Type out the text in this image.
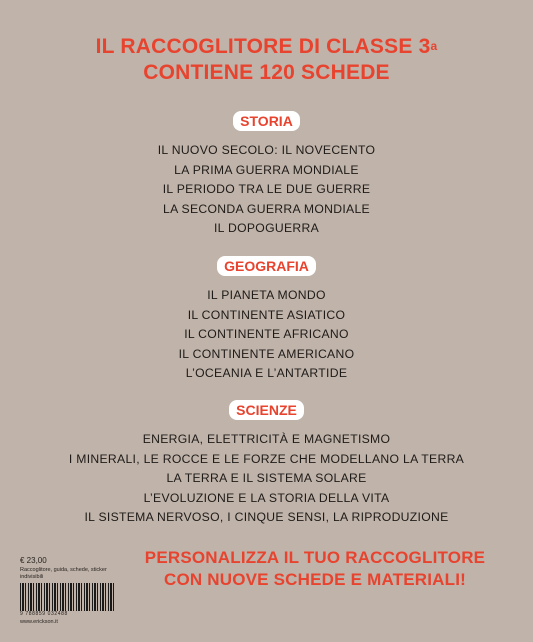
IL RACCOGLITORE DI CLASSE 3$^a$
CONTIENE 120 SCHEDE
STORIA
IL NUOVO SECOLO: IL NOVECENTO
LA PRIMA GUERRA MONDIALE
IL PERIODO TRA LE DUE GUERRE
LA SECONDA GUERRA MONDIALE
IL DOPOGUERRA
GEOGRAFIA
IL PIANETA MONDO
IL CONTINENTE ASIATICO
IL CONTINENTE AFRICANO
IL CONTINENTE AMERICANO
L’OCEANIA E L’ANTARTIDE
SCIENZE
ENERGIA, ELETTRICITÀ E MAGNETISMO
I MINERALI, LE ROCCE E LE FORZE CHE MODELLANO LA TERRA
LA TERRA E IL SISTEMA SOLARE
L’EVOLUZIONE E LA STORIA DELLA VITA
IL SISTEMA NERVOSO, I CINQUE SENSI, LA RIPRODUZIONE
€ 23,00
Raccoglitore, guida, schede, sticker indivisibili
9 788859 032488
www.erickson.it
PERSONALIZZA IL TUO RACCOGLITORE
CON NUOVE SCHEDE E MATERIALI!
